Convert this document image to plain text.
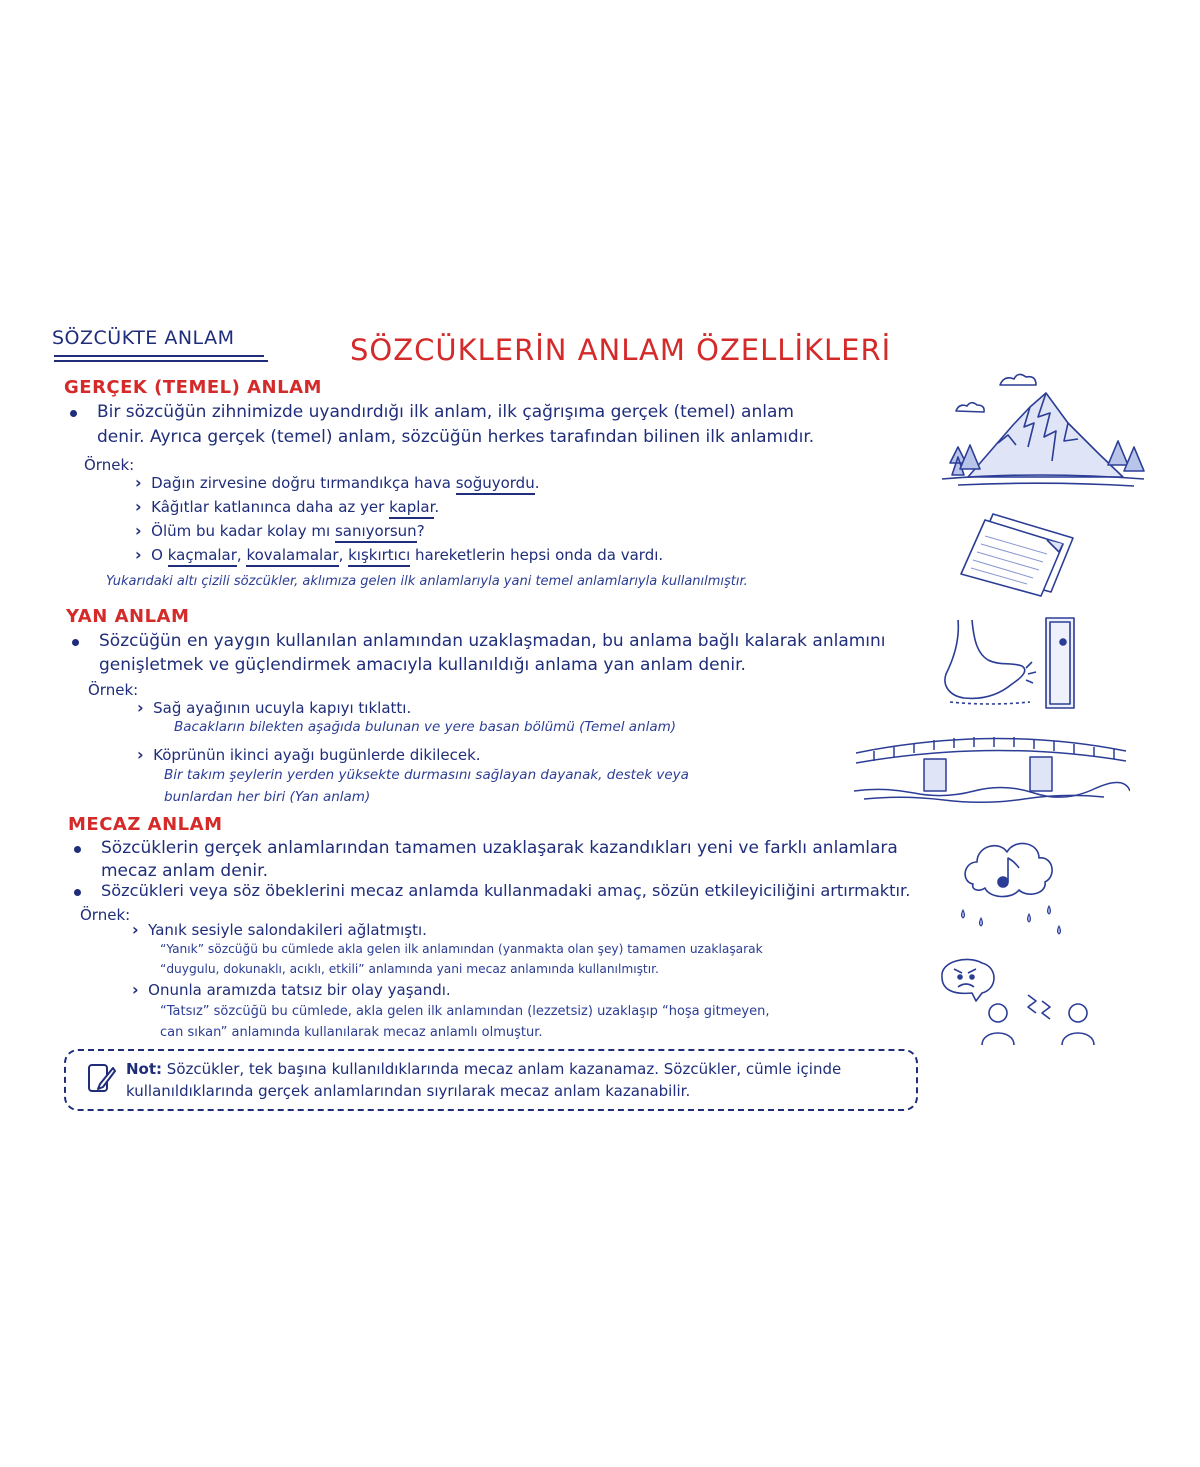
SÖZCÜKTE ANLAM	SÖZCÜKLERİN ANLAM ÖZELLİKLERİ
GERÇEK (TEMEL) ANLAM
Bir sözcüğün zihnimizde uyandırdığı ilk anlam, ilk çağrışıma gerçek (temel) anlam
denir. Ayrıca gerçek (temel) anlam, sözcüğün herkes tarafından bilinen ilk anlamıdır.
Örnek:
› Dağın zirvesine doğru tırmandıkça hava soğuyordu.
› Kâğıtlar katlanınca daha az yer kaplar.
› Ölüm bu kadar kolay mı sanıyorsun?
› O kaçmalar, kovalamalar, kışkırtıcı hareketlerin hepsi onda da vardı.
Yukarıdaki altı çizili sözcükler, aklımıza gelen ilk anlamlarıyla yani temel anlamlarıyla kullanılmıştır.
YAN ANLAM
Sözcüğün en yaygın kullanılan anlamından uzaklaşmadan, bu anlama bağlı kalarak anlamını
genişletmek ve güçlendirmek amacıyla kullanıldığı anlama yan anlam denir.
Örnek:
› Sağ ayağının ucuyla kapıyı tıklattı.
Bacakların bilekten aşağıda bulunan ve yere basan bölümü (Temel anlam)
› Köprünün ikinci ayağı bugünlerde dikilecek.
Bir takım şeylerin yerden yüksekte durmasını sağlayan dayanak, destek veya
bunlardan her biri (Yan anlam)
MECAZ ANLAM
Sözcüklerin gerçek anlamlarından tamamen uzaklaşarak kazandıkları yeni ve farklı anlamlara
mecaz anlam denir.
Sözcükleri veya söz öbeklerini mecaz anlamda kullanmadaki amaç, sözün etkileyiciliğini artırmaktır.
Örnek:
› Yanık sesiyle salondakileri ağlatmıştı.
“Yanık” sözcüğü bu cümlede akla gelen ilk anlamından (yanmakta olan şey) tamamen uzaklaşarak
“duygulu, dokunaklı, acıklı, etkili” anlamında yani mecaz anlamında kullanılmıştır.
› Onunla aramızda tatsız bir olay yaşandı.
“Tatsız” sözcüğü bu cümlede, akla gelen ilk anlamından (lezzetsiz) uzaklaşıp “hoşa gitmeyen,
can sıkan” anlamında kullanılarak mecaz anlamlı olmuştur.
Not: Sözcükler, tek başına kullanıldıklarında mecaz anlam kazanamaz. Sözcükler, cümle içinde
kullanıldıklarında gerçek anlamlarından sıyrılarak mecaz anlam kazanabilir.
